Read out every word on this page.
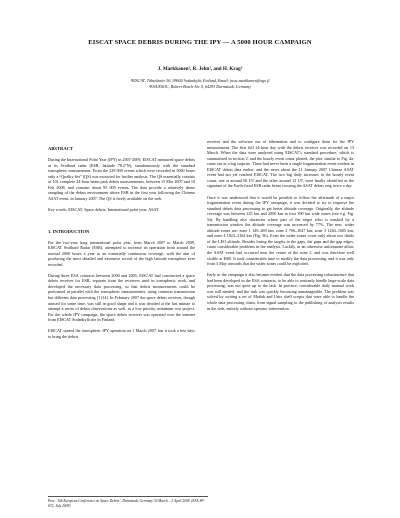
EISCAT SPACE DEBRIS DURING THE IPY — A 5000 HOUR CAMPAIGN
J. Markkanen¹, R. Jehn², and H. Krag²
¹EISCAT, Tähteläntie 56, 99600 Sodankylä, Finland, Email: jussi.markkanen@sgo.fi
²ESA/ESOC, Robert-Bosch-Str. 5, 64293 Darmstadt, Germany
ABSTRACT

During the International Polar Year (IPY) in 2007-2009, EISCAT measured space debris at its Svalbard radar (ESR, latitude 78.2°N), simultaneously with the standard ionospheric measurement. From the 239 000 events which were recorded in 5060 hours only a “Quality Set” (QS) was extracted for further analysis. The QS essentially consists of 101 complete 24-hour beam park debris measurements, between 15 Mar 2007 and 10 Feb 2008, and contains about 95 000 events. The data provide a relatively dense sampling of the debris environment above ESR in the first year following the Chinese ASAT event, in January 2007. The QS is freely available on the web.

Key words: EISCAT; Space debris; International polar year; ASAT.

1. INTRODUCTION

For the two-year long international polar year, from March 2007 to March 2009, EISCAT Svalbard Radar (ESR), attempted to increase its operation from around the normal 2000 hours a year to an essentially continuous coverage, with the aim of producing the most detailed and extensive record of the high latitude ionosphere ever recorded.

During three ESA contracts between 2000 and 2005, EISCAT had constructed a space debris receiver for ESR, separate from the receivers used in ionospheric work, and developed the necessary data processing, so that debris measurements could be performed in parallel with the ionospheric measurements, using common transmission but different data processing [1]-[4]. In February 2007 the space debris receiver, though unused for some time, was still in good shape and it was decided at the last minute to attempt a series of debris observations as well, as a low priority, minimum cost project. For the whole IPY campaign, the space debris receiver was operated over the internet from EISCAT Sodankylä site in Finland.

EISCAT started the ionospheric IPY operation on 1 March 2007, but it took a few days to bring the debris

receiver and the software out of hibernation and to configure them for the IPY measurement. The first full 24-hour day with the debris receiver was recorded on 13 March. When the data were analysed using EISCAT’s standard procedure, which is summarized in section 2, and the hourly event count plotted, the plot, similar to Fig. 4a, came out as a big surprise. There had never been a single fragmentation event evident in EISCAT debris data earlier, and the news about the 11 January 2007 Chinese ASAT event had not yet reached EISCAT. The two big daily increases in the hourly event count, one at around 06 UT and the other around 12 UT, were finally identified as the signature of the Earth-fixed ESR radar beam crossing the ASAT debris ring twice a day.

Once it was understood that it would be possible to follow the aftermath of a major fragmentation event during the IPY campaign, it was decided to try to improve the standard debris data processing to get better altitude coverage. Originally, the altitude coverage was between 225 km and 2000 km in four 390 km wide zones (see e.g. Fig. 5a). By handling also situations where part of the target echo is masked by a transmission window the altitude coverage was increased by 77%. The new, wider altitude zones are: zone 1 149–469 km; zone 2 706–1047 km; zone 3 1264–1605 km; and zone 4 1823–2164 km (Fig. 5b). Even the wider zones cover only about two thirds of the LEO altitude. Besides losing the targets in the gaps, the gaps and the gap edges, cause considerable problems in the analysis. Luckily, in an otherwise unfortunate affair, the ASAT event had occurred near the centre of the zone 2, and was therefore well visible at ESR. It took considerable time to modify the data processing, and it was only from 5 May onwards that the wider zones could be exploited.

Early in the campaign it also became evident that the data processing infrastructure that had been developed in the ESA contracts, to be able to routinely handle large-scale data processing, was not quite up to the task. In practice, considerable daily manual work was still needed, and the task was quickly becoming unmanageable. The problem was solved by writing a set of Matlab and Unix shell scripts that were able to handle the whole data processing chain, from signal sampling to the publishing of analysis results in the web, entirely without operator intervention.

Proc. ‘5th European Conference on Space Debris’, Darmstadt, Germany 30 March – 2 April 2009, (ESA SP-672, July 2009)
